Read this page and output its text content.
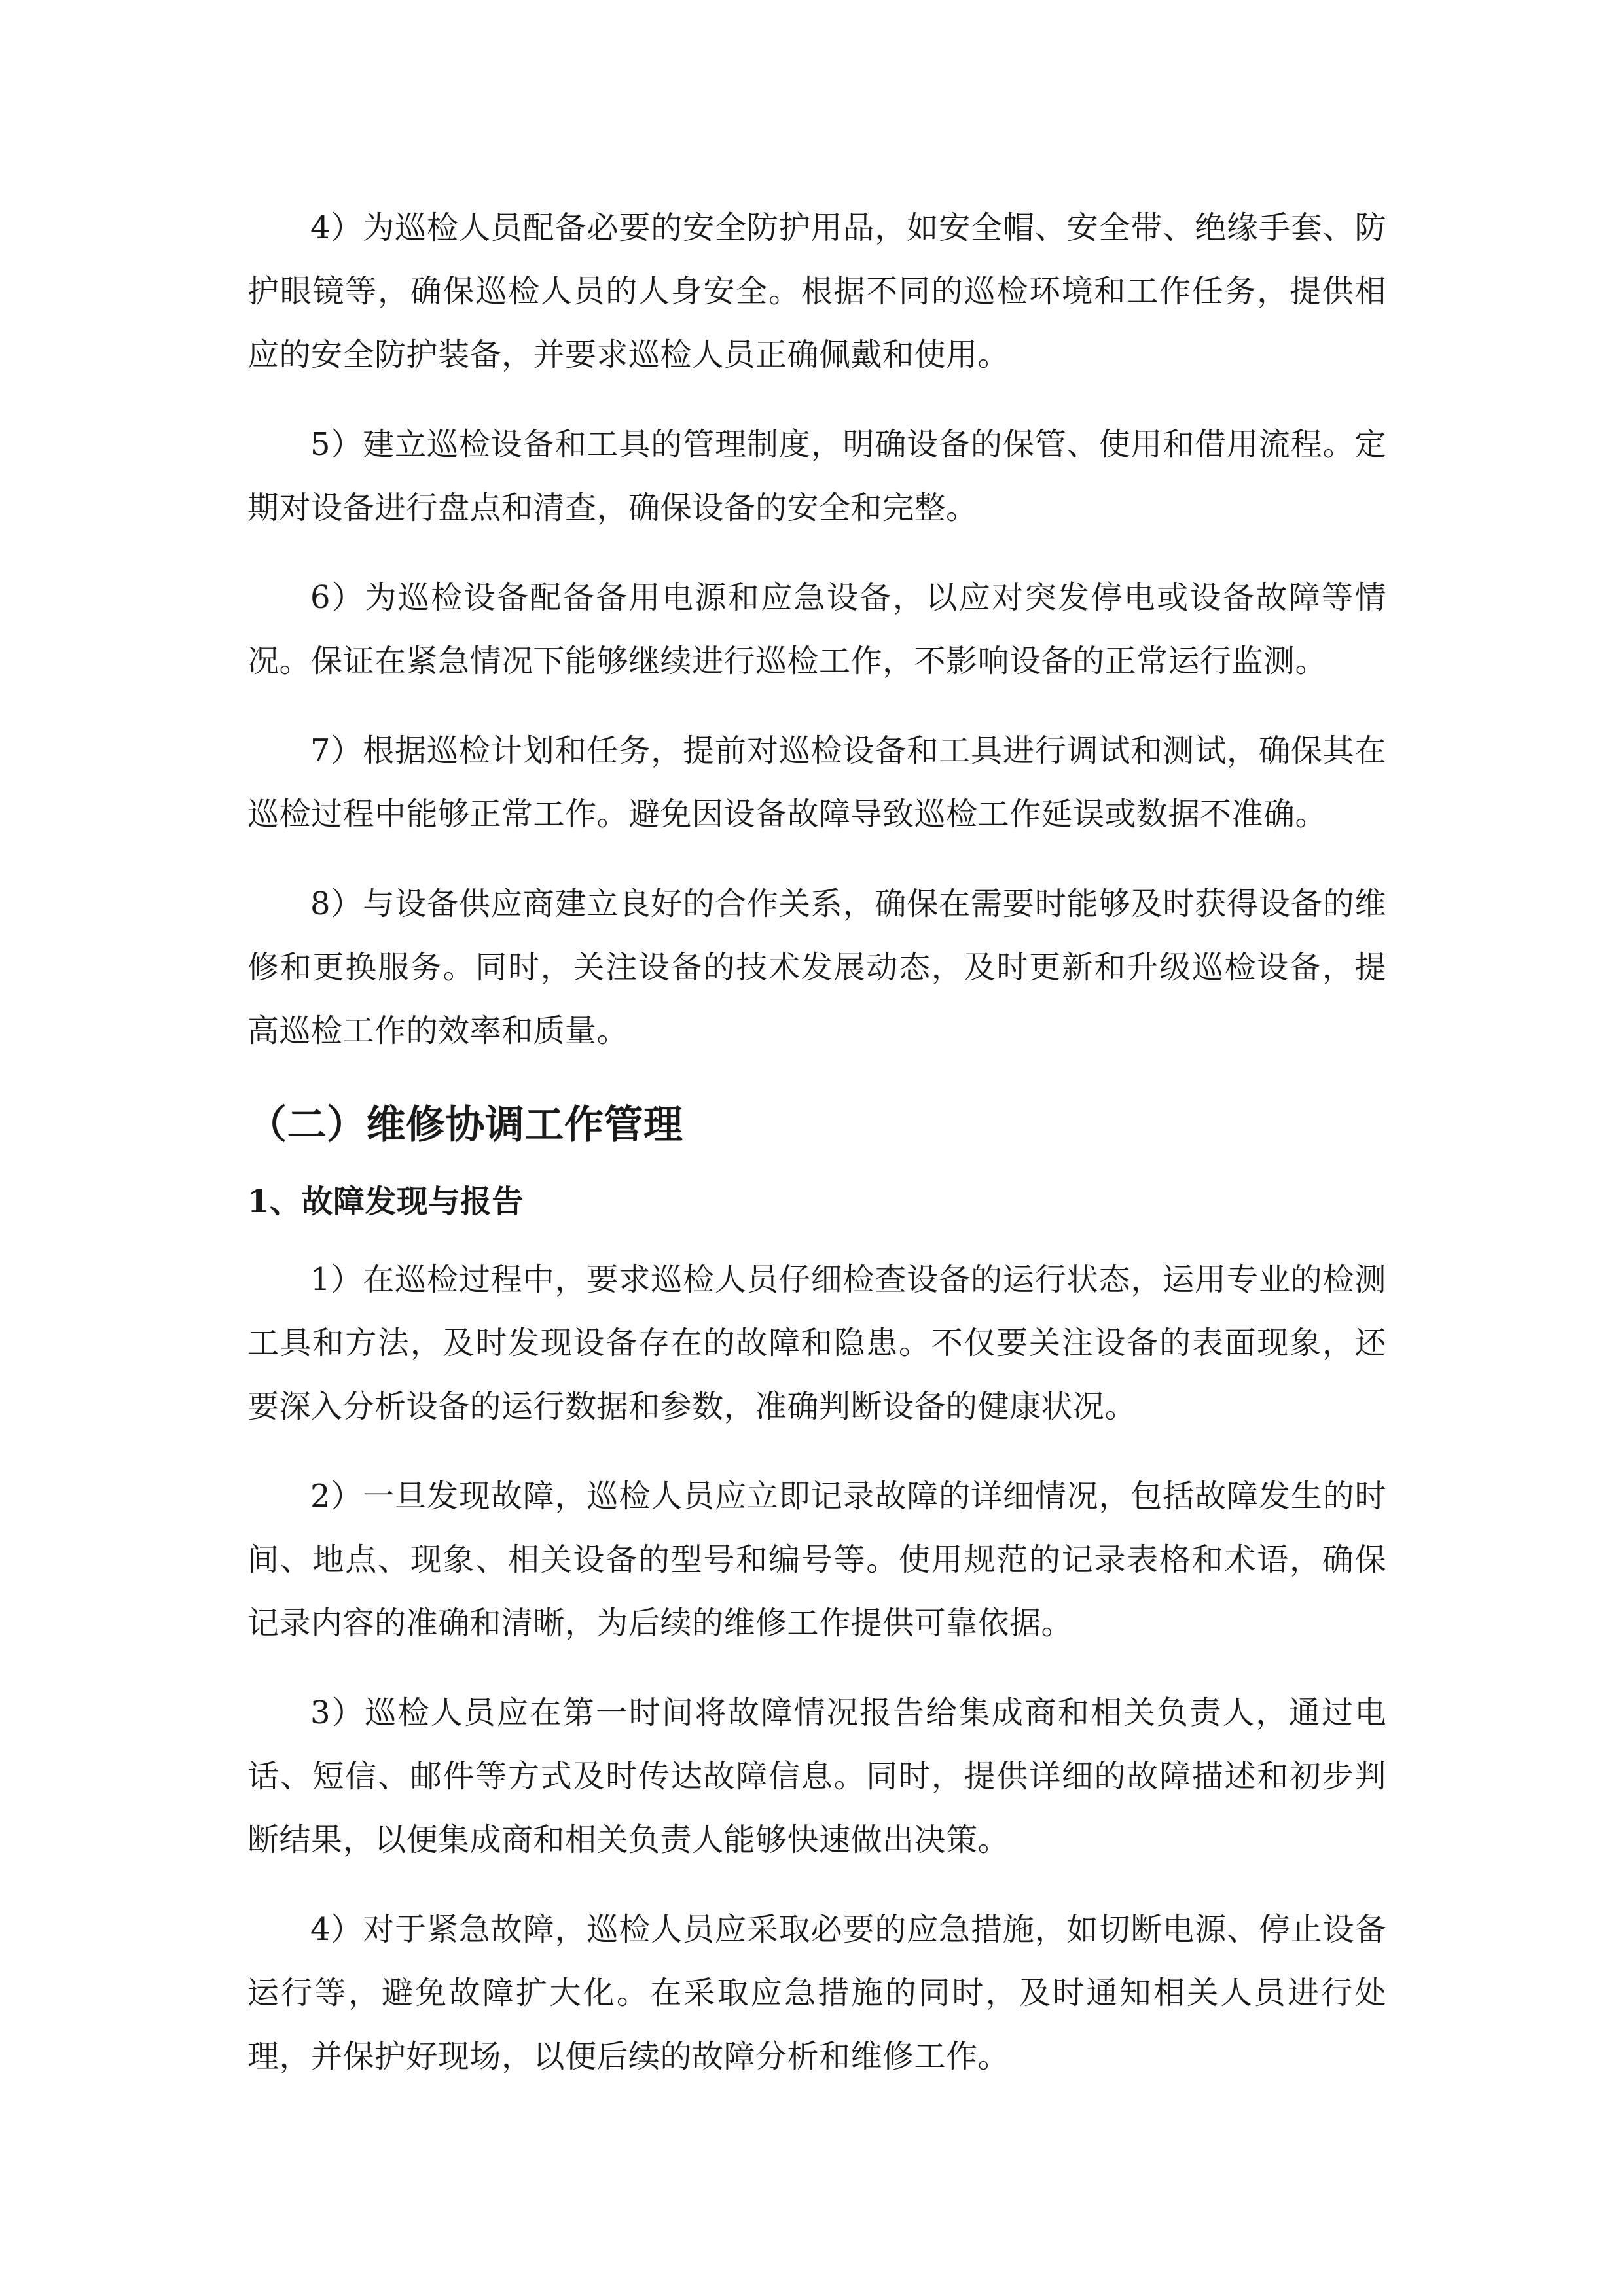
4）为巡检人员配备必要的安全防护用品，如安全帽、安全带、绝缘手套、防护眼镜等，确保巡检人员的人身安全。根据不同的巡检环境和工作任务，提供相应的安全防护装备，并要求巡检人员正确佩戴和使用。

5）建立巡检设备和工具的管理制度，明确设备的保管、使用和借用流程。定期对设备进行盘点和清查，确保设备的安全和完整。

6）为巡检设备配备备用电源和应急设备，以应对突发停电或设备故障等情况。保证在紧急情况下能够继续进行巡检工作，不影响设备的正常运行监测。

7）根据巡检计划和任务，提前对巡检设备和工具进行调试和测试，确保其在巡检过程中能够正常工作。避免因设备故障导致巡检工作延误或数据不准确。

8）与设备供应商建立良好的合作关系，确保在需要时能够及时获得设备的维修和更换服务。同时，关注设备的技术发展动态，及时更新和升级巡检设备，提高巡检工作的效率和质量。

（二）维修协调工作管理
1、故障发现与报告

1）在巡检过程中，要求巡检人员仔细检查设备的运行状态，运用专业的检测工具和方法，及时发现设备存在的故障和隐患。不仅要关注设备的表面现象，还要深入分析设备的运行数据和参数，准确判断设备的健康状况。

2）一旦发现故障，巡检人员应立即记录故障的详细情况，包括故障发生的时间、地点、现象、相关设备的型号和编号等。使用规范的记录表格和术语，确保记录内容的准确和清晰，为后续的维修工作提供可靠依据。

3）巡检人员应在第一时间将故障情况报告给集成商和相关负责人，通过电话、短信、邮件等方式及时传达故障信息。同时，提供详细的故障描述和初步判断结果，以便集成商和相关负责人能够快速做出决策。

4）对于紧急故障，巡检人员应采取必要的应急措施，如切断电源、停止设备运行等，避免故障扩大化。在采取应急措施的同时，及时通知相关人员进行处理，并保护好现场，以便后续的故障分析和维修工作。
